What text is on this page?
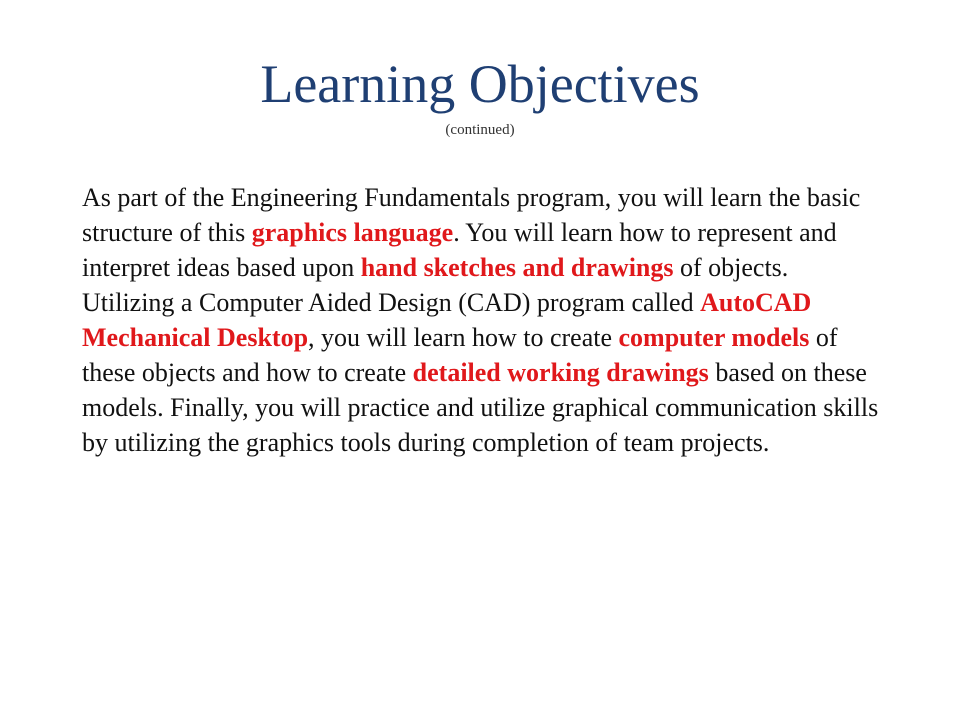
Learning Objectives
(continued)

As part of the Engineering Fundamentals program, you will learn the basic structure of this graphics language. You will learn how to represent and interpret ideas based upon hand sketches and drawings of objects. Utilizing a Computer Aided Design (CAD) program called AutoCAD Mechanical Desktop, you will learn how to create computer models of these objects and how to create detailed working drawings based on these models. Finally, you will practice and utilize graphical communication skills by utilizing the graphics tools during completion of team projects.
